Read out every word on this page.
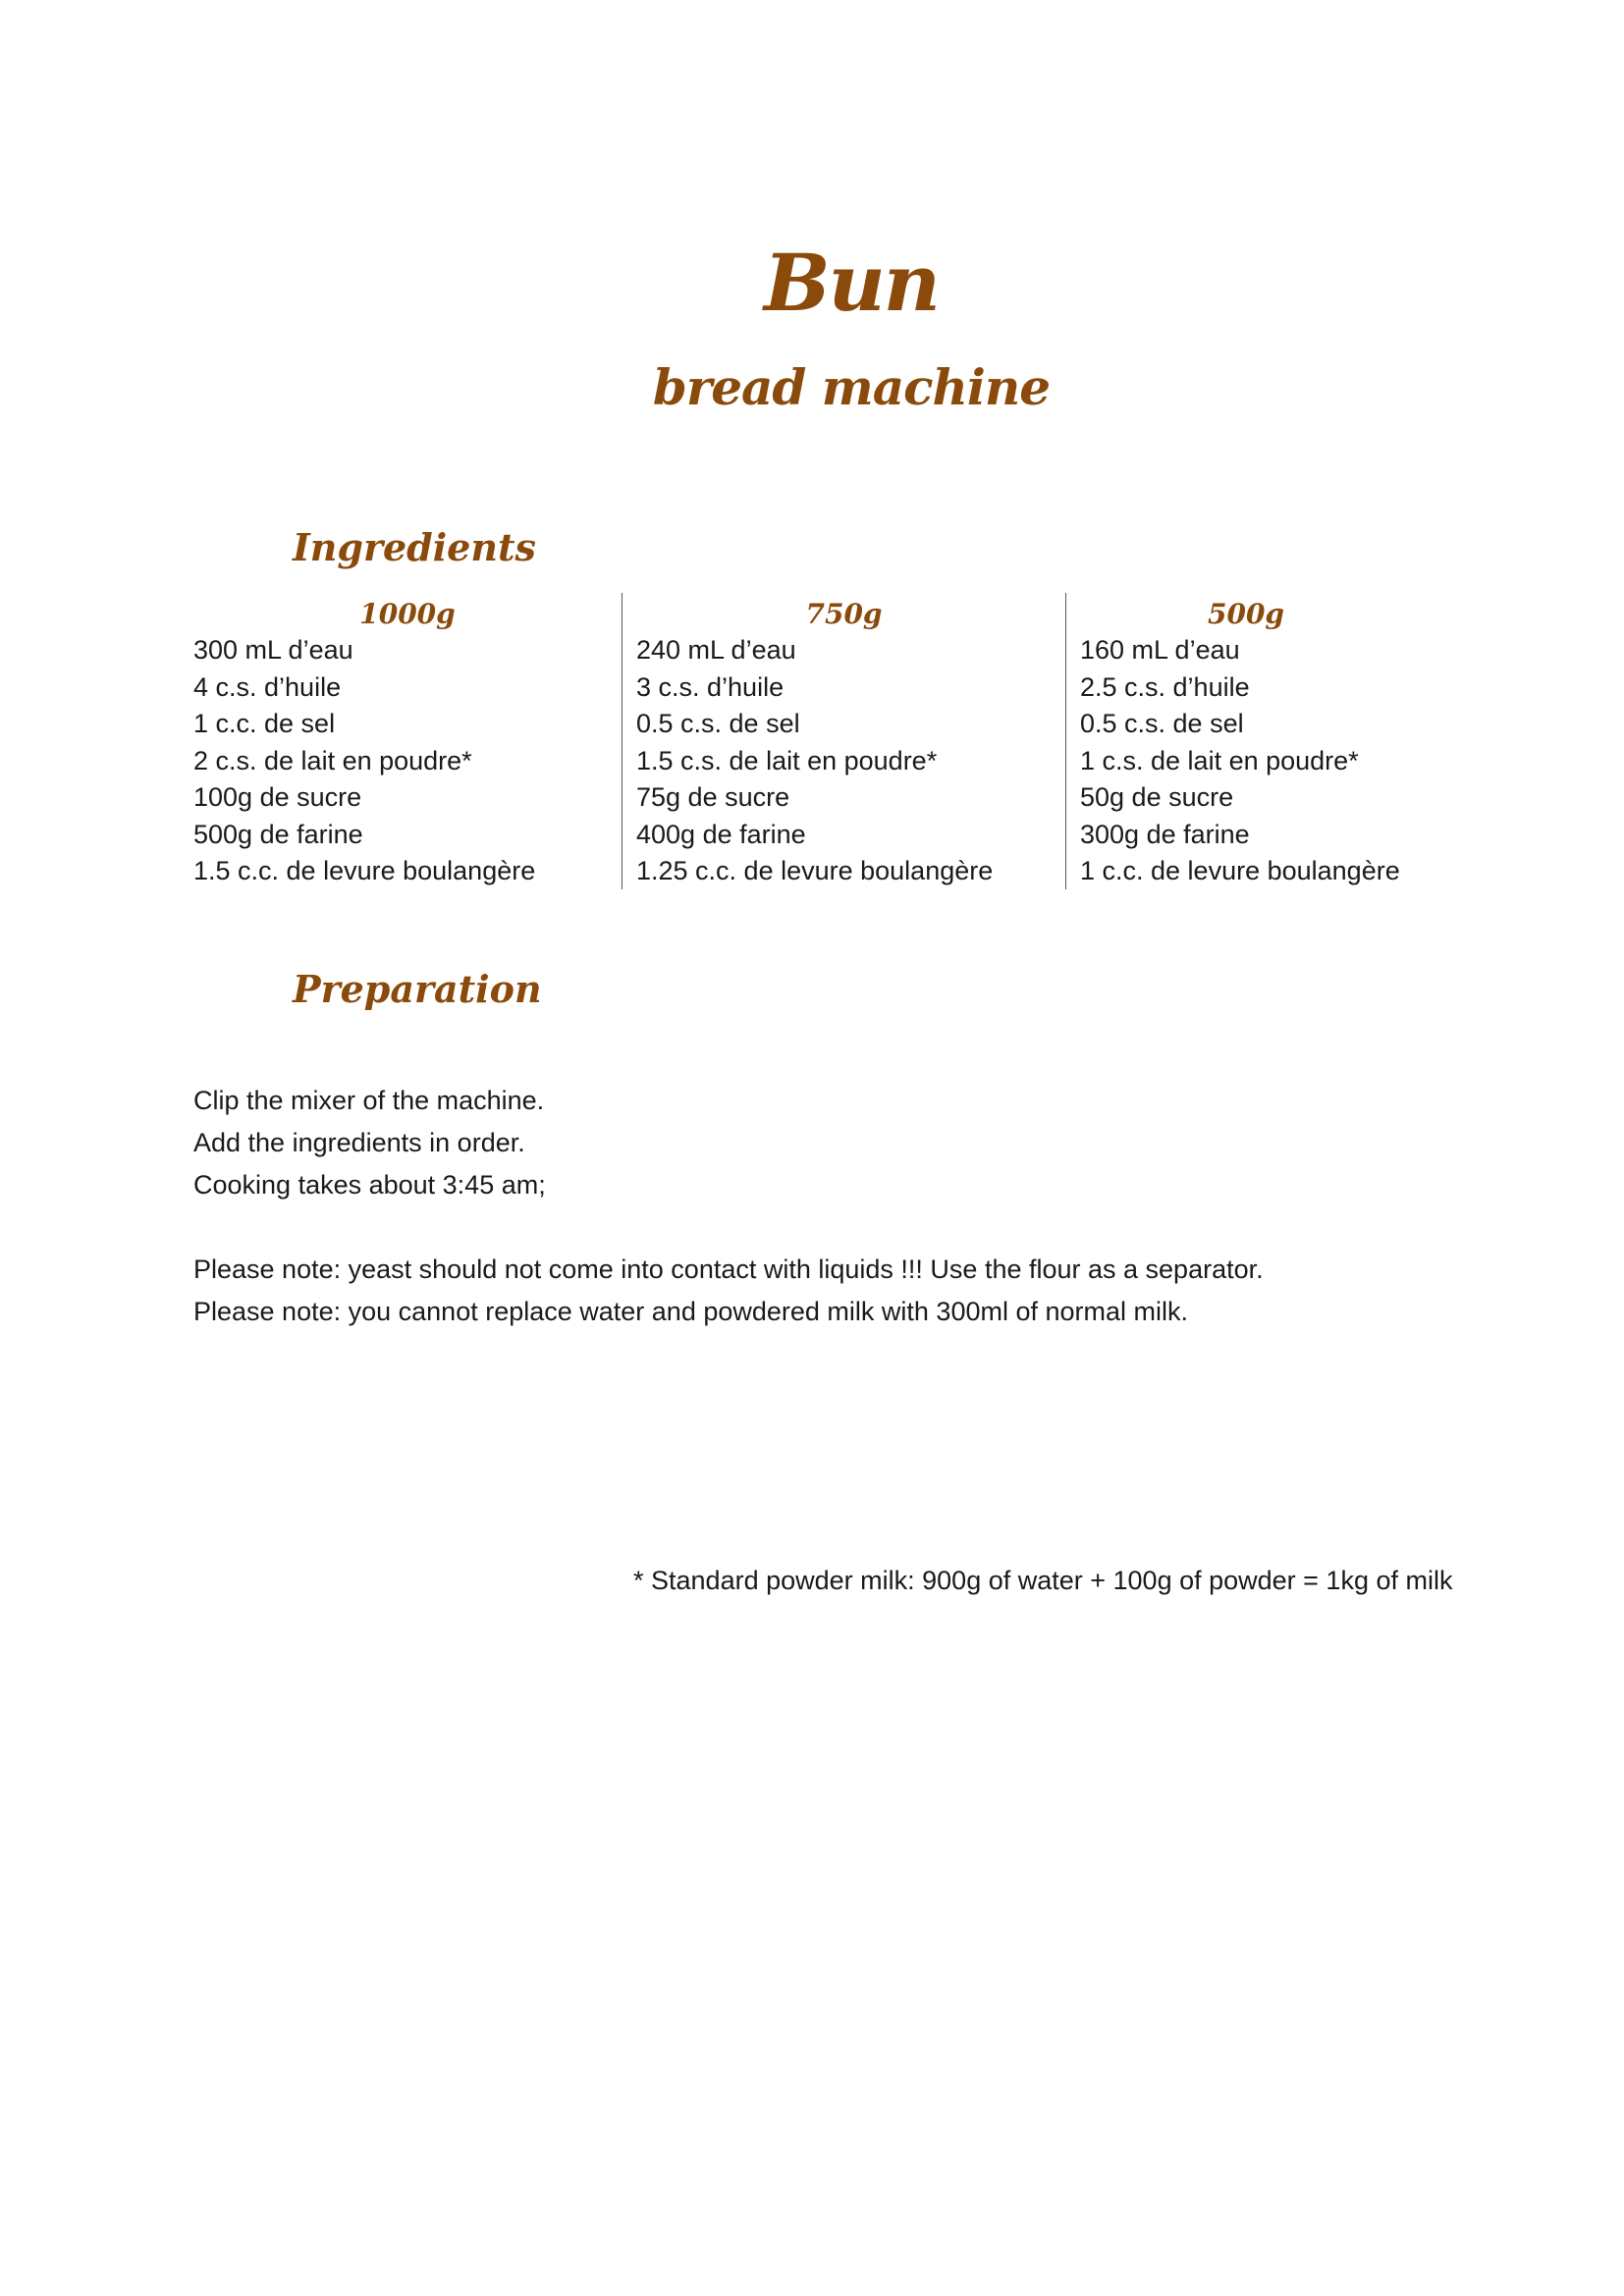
Bun
bread machine
Ingredients
1000g
300 mL d’eau
4 c.s. d’huile
1 c.c. de sel
2 c.s. de lait en poudre*
100g de sucre
500g de farine
1.5 c.c. de levure boulangère
750g
240 mL d’eau
3 c.s. d’huile
0.5 c.s. de sel
1.5 c.s. de lait en poudre*
75g de sucre
400g de farine
1.25 c.c. de levure boulangère
500g
160 mL d’eau
2.5 c.s. d’huile
0.5 c.s. de sel
1 c.s. de lait en poudre*
50g de sucre
300g de farine
1 c.c. de levure boulangère
Preparation
Clip the mixer of the machine.
Add the ingredients in order.
Cooking takes about 3:45 am;
Please note: yeast should not come into contact with liquids !!! Use the flour as a separator.
Please note: you cannot replace water and powdered milk with 300ml of normal milk.
* Standard powder milk: 900g of water + 100g of powder = 1kg of milk
